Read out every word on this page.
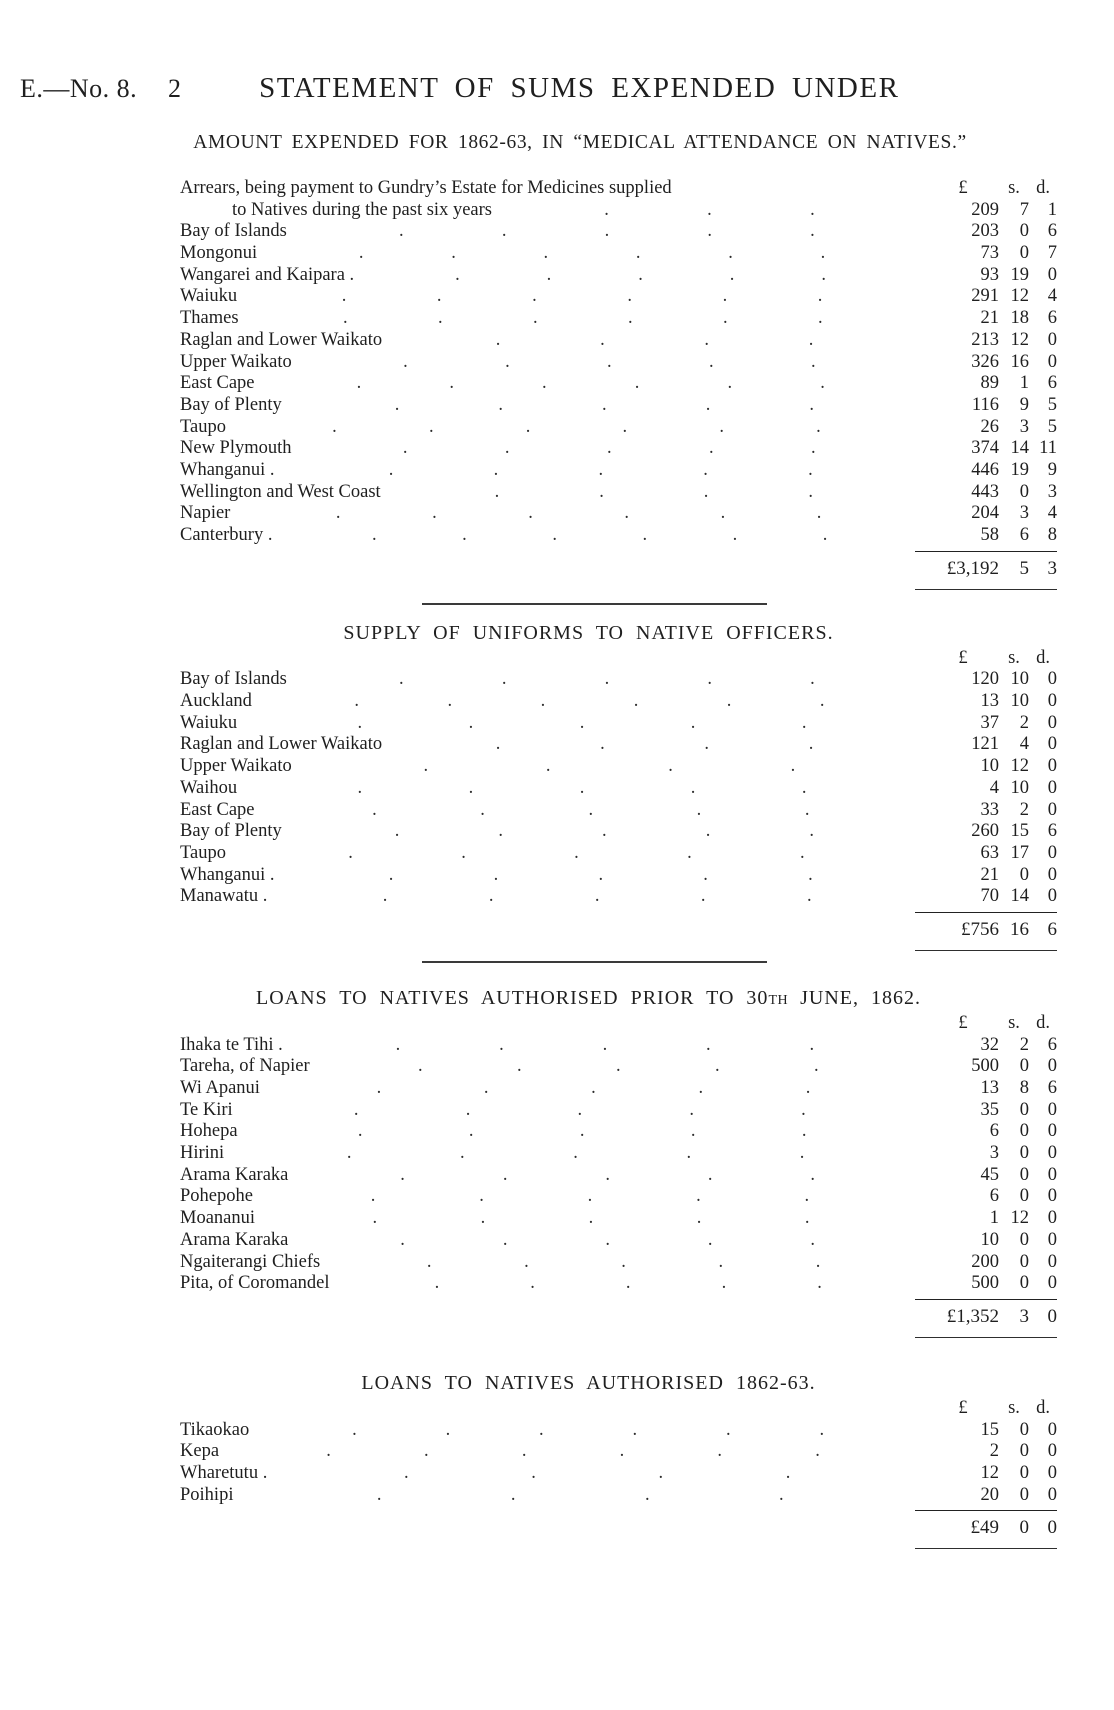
E.—No. 8. 2	STATEMENT OF SUMS EXPENDED UNDER
AMOUNT EXPENDED FOR 1862-63, IN “MEDICAL ATTENDANCE ON NATIVES.”
Arrears, being payment to Gundry’s Estate for Medicines supplied	£	s. d.
to Natives during the past six years	.	.	.	209	7	1
Bay of Islands	.	.	.	.	.	203	0	6
Mongonui	.	.	.	.	.	.	73	0	7
Wangarei and Kaipara .	.	.	.	.	.	93 19	0
Waiuku	.	.	.	.	.	.	291 12	4
Thames	.	.	.	.	.	.	21 18	6
Raglan and Lower Waikato	.	.	.	.	213 12	0
Upper Waikato	.	.	.	.	.	326 16	0
East Cape	.	.	.	.	.	.	89	1	6
Bay of Plenty	.	.	.	.	.	116	9	5
Taupo	.	.	.	.	.	.	26	3	5
New Plymouth	.	.	.	.	.	374 14 11
Whanganui .	.	.	.	.	.	446 19	9
Wellington and West Coast	.	.	.	.	443	0	3
Napier	.	.	.	.	.	.	204	3	4
Canterbury .	.	.	.	.	.	.	58	6	8
£3,192	5 3
SUPPLY OF UNIFORMS TO NATIVE OFFICERS.
£	s. d.
Bay of Islands	.	.	.	.	.	120 10	0
Auckland	.	.	.	.	.	.	13 10	0
Waiuku	.	.	.	.	.	37	2	0
Raglan and Lower Waikato	.	.	.	.	121	4	0
Upper Waikato	.	.	.	.	10 12	0
Waihou	.	.	.	.	.	4 10	0
East Cape	.	.	.	.	.	33	2	0
Bay of Plenty	.	.	.	.	.	260 15	6
Taupo	.	.	.	.	.	63 17	0
Whanganui .	.	.	.	.	.	21	0	0
Manawatu .	.	.	.	.	.	70 14	0
£756 16 6
LOANS TO NATIVES AUTHORISED PRIOR TO 30TH JUNE, 1862.
£	s. d.
Ihaka te Tihi .	.	.	.	.	.	32	2	6
Tareha, of Napier	.	.	.	.	.	500	0	0
Wi Apanui	.	.	.	.	.	13	8	6
Te Kiri	.	.	.	.	.	35	0	0
Hohepa	.	.	.	.	.	6	0	0
Hirini	.	.	.	.	.	3	0	0
Arama Karaka	.	.	.	.	.	45	0	0
Pohepohe	.	.	.	.	.	6	0	0
Moananui	.	.	.	.	.	1 12	0
Arama Karaka	.	.	.	.	.	10	0	0
Ngaiterangi Chiefs	.	.	.	.	.	200	0	0
Pita, of Coromandel	.	.	.	.	.	500	0	0
£1,352	3 0
LOANS TO NATIVES AUTHORISED 1862-63.
£	s. d.
Tikaokao	.	.	.	.	.	.	15	0	0
Kepa	.	.	.	.	.	.	2	0	0
Wharetutu .	.	.	.	.	12	0	0
Poihipi	.	.	.	.	20	0	0
£49	0 0
